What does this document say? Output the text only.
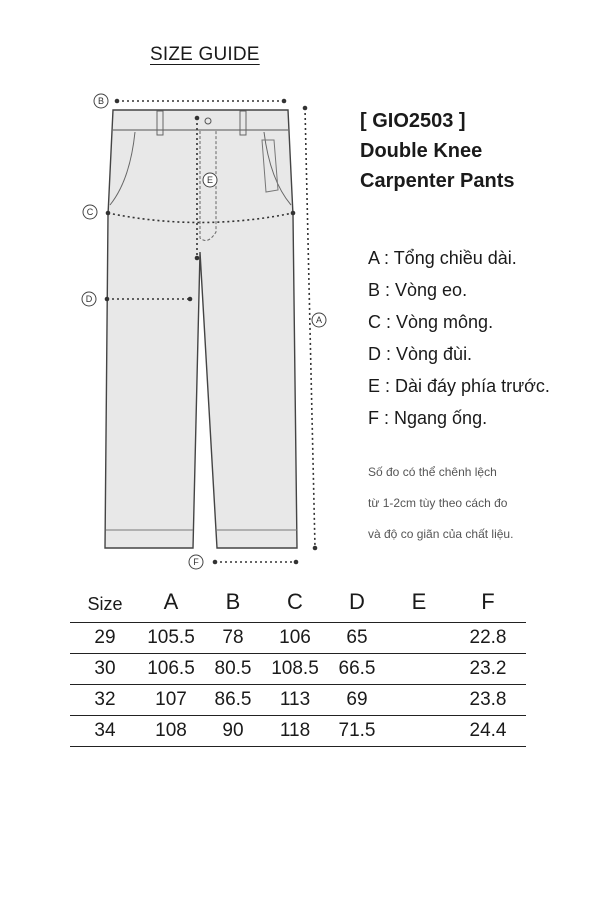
SIZE GUIDE
B
E
C
D
A
F
[ GIO2503 ]
Double Knee
Carpenter Pants
A : Tổng chiều dài.
B : Vòng eo.
C : Vòng mông.
D : Vòng đùi.
E : Dài đáy phía trước.
F : Ngang ống.
Số đo có thể chênh lệch
từ 1-2cm tùy theo cách đo
và độ co giãn của chất liệu.
Size	A	B	C	D	E	F
29	105.5	78	106	65		22.8
30	106.5	80.5	108.5	66.5		23.2
32	107	86.5	113	69		23.8
34	108	90	118	71.5		24.4
